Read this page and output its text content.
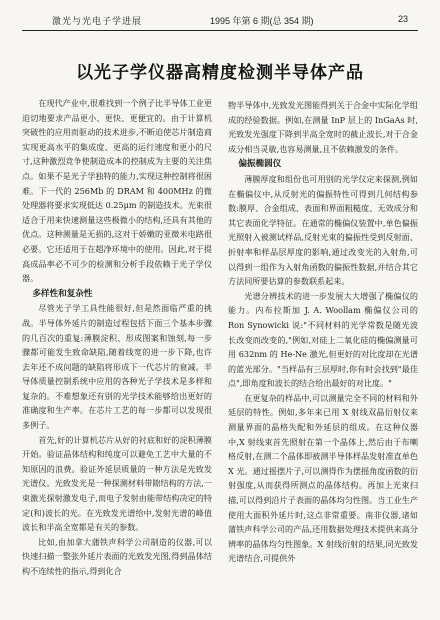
激光与光电子学进展	1995 年第 6 期(总 354 期)	23
以光子学仪器高精度检测半导体产品

在现代产业中,很难找到一个例子比半导体工业更迫切地要求产品更小、更快、更便宜的。由于计算机突破性的应用而驱动的技术进步,不断迫使芯片制造商实现更高水平的集成度、更高的运行速度和更小的尺寸,这种激烈竞争使制造成本的控制成为主要的关注焦点。如果不是光子学独特的能力,实现这种控制将很困难。下一代的 256Mb 的 DRAM 和 400MHz 的微处理器将要求实现低达 0.25μm 的制造技术。光束很适合于用来快速测量这些极微小的结构,还具有其他的优点。这种测量是无损的,这对于娇嫩的亚微米电路很必要。它还适用于在超净环境中的使用。因此,对于提高成品率必不可少的检测和分析手段依赖于光子学仪器。

多样性和复杂性

尽管光子学工具性能很好,但是然面临严重的挑战。半导体外延片的制造过程包括下面三个基本步骤的几百次的重复:薄膜淀积、形成图案和蚀刻,每一步骤都可能发生致命缺陷,随着线宽的进一步下降,也许去年还不成问题的缺陷将形成下一代芯片的衰减。半导体质量控制系统中应用的各种光子学技术是多样和复杂的。不难想象还有别的光学技术能够给出更好的准确度和生产率。在芯片工艺的每一步都可以发现很多例子。

首先,好的计算机芯片从好的衬底和好的淀积薄膜开始。验证晶体结构和纯度可以避免工艺中大量的不知原因的浪费。验证外延层质量的一种方法是光致发光谱仪。光致发光是一种探测材料带隙结构的方法,一束激光探射激发电子,而电子发射由能带结构决定的特定(和)波长的光。在光致发光谱给中,发射光谱的峰值波长和半高全宽都是有关的参数。

比如,由加拿大蒲铁声科学公司制造的仪器,可以快速扫描一整张外延片表面的光致发光图,得到晶体结构不连续性的指示,得到化合

物半导体中,光致发光图能得到关于合金中实际化学组成的经验数据。例如,在测量 InP 层上的 InGaAs 时,光致发光强度下降到半高全宽时的截止波长,对于合金成分相当灵敏,也容易测量,且不依赖激发的条件。

偏振椭圆仪

薄膜厚度和组份也可用别的光学仪定来探测,例如在椭偏仪中,从反射光的偏振特性可得到几何结构参数:膜厚、合金组成、表面和界面粗糙度、无效成分和其它表面化学特征。在通常的椭偏仪装置中,单色偏振光照射入被测试样品,反射光束的偏振性受到反射面、折射率和样品层厚度的影响,通过改变光的入射角,可以得到一组作为入射角函数的偏振性数据,并结合其它方法同所要估算的参数联系起来。

光谱分辨技术的进一步发展大大增强了椭偏仪的能力。内布拉斯加 J. A. Woollam 椭偏仪公司的 Ron Synowicki 说:"不同材料的光学常数是随光波长改变而改变的,"例如,对硅上二氧化硅的椭偏测量可用 632nm 的 He-Ne 激光,但更好的对比度却在光谱的蓝光部分。"当样品有三层厚时,你有时会找到"最佳点",即角度和波长的结合给出最好的对比度。"

在更复杂的样品中,可以测量完全不同的材料和外延层的特性。例如,多年来已用 X 射线双晶衍射仪来测量界面的晶格失配和外延层的组成。在这种仪器中,X 射线束首先照射在第一个晶体上,然后由于布喇格反射,在测二个晶体即被测半导体样品发射准直单色 X 光。通过摇摆片子,可以测得作为摆摇角度函数的衍射强度,从而获得所测点的晶体结构。再加上光束扫描,可以得到沿片子表面的晶体均匀性图。当工业生产使用大面积外延片时,这点非常重要。南非仪器,诸如蒲铁声科学公司的产品,还用数据处理技术提供来高分辨率的晶体均匀性图象。X 射线衍射的结果,同光致发光谱结合,可提供外
